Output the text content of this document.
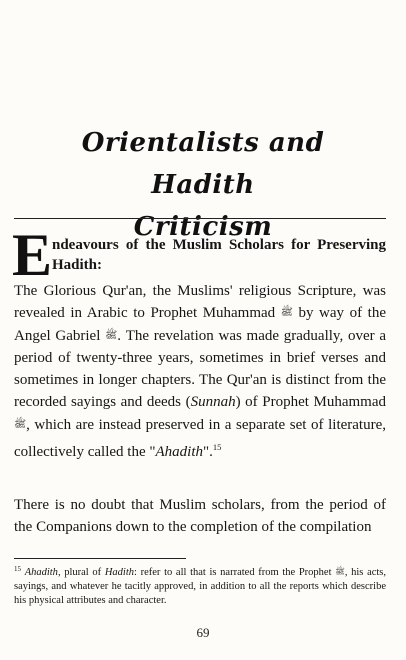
Orientalists and Hadith
Criticism
E ndeavours of the Muslim Scholars for Preserving
Hadith:
The Glorious Qur'an, the Muslims' religious Scripture, was revealed in Arabic to Prophet Muhammad ﷺ by way of the Angel Gabriel ﷺ. The revelation was made gradually, over a period of twenty-three years, sometimes in brief verses and sometimes in longer chapters. The Qur'an is distinct from the recorded sayings and deeds (Sunnah) of Prophet Muhammad ﷺ, which are instead preserved in a separate set of literature, collectively called the "Ahadith".$^{15}$
There is no doubt that Muslim scholars, from the period of the Companions down to the completion of the compilation
$^{15}$ Ahadith, plural of Hadith: refer to all that is narrated from the Prophet ﷺ, his acts, sayings, and whatever he tacitly approved, in addition to all the reports which describe his physical attributes and character.
69
